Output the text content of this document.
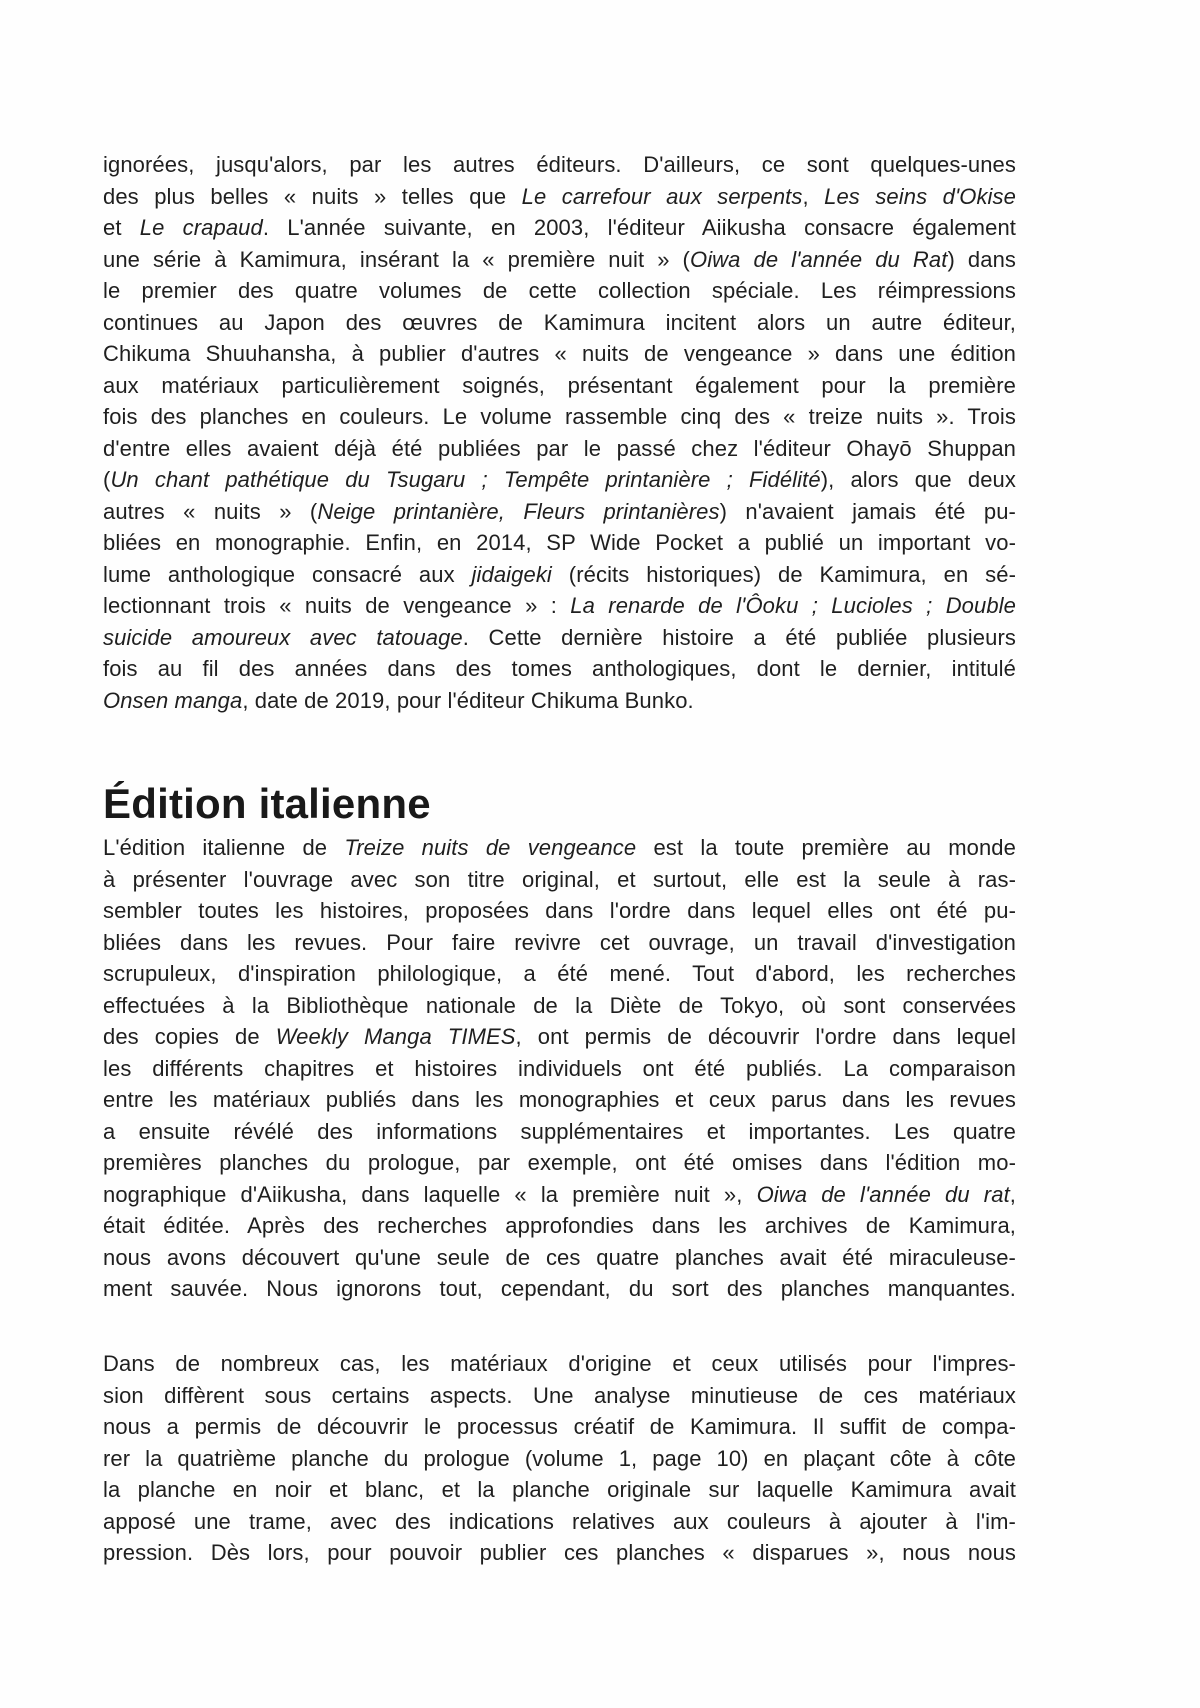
ignorées, jusqu'alors, par les autres éditeurs. D'ailleurs, ce sont quelques-unes
des plus belles « nuits » telles que Le carrefour aux serpents, Les seins d'Okise
et Le crapaud. L'année suivante, en 2003, l'éditeur Aiikusha consacre également
une série à Kamimura, insérant la « première nuit » (Oiwa de l'année du Rat) dans
le premier des quatre volumes de cette collection spéciale. Les réimpressions
continues au Japon des œuvres de Kamimura incitent alors un autre éditeur,
Chikuma Shuuhansha, à publier d'autres « nuits de vengeance » dans une édition
aux matériaux particulièrement soignés, présentant également pour la première
fois des planches en couleurs. Le volume rassemble cinq des « treize nuits ». Trois
d'entre elles avaient déjà été publiées par le passé chez l'éditeur Ohayō Shuppan
(Un chant pathétique du Tsugaru ; Tempête printanière ; Fidélité), alors que deux
autres « nuits » (Neige printanière, Fleurs printanières) n'avaient jamais été pu-
bliées en monographie. Enfin, en 2014, SP Wide Pocket a publié un important vo-
lume anthologique consacré aux jidaigeki (récits historiques) de Kamimura, en sé-
lectionnant trois « nuits de vengeance » : La renarde de l'Ôoku ; Lucioles ; Double
suicide amoureux avec tatouage. Cette dernière histoire a été publiée plusieurs
fois au fil des années dans des tomes anthologiques, dont le dernier, intitulé
Onsen manga, date de 2019, pour l'éditeur Chikuma Bunko.
Édition italienne
L'édition italienne de Treize nuits de vengeance est la toute première au monde
à présenter l'ouvrage avec son titre original, et surtout, elle est la seule à ras-
sembler toutes les histoires, proposées dans l'ordre dans lequel elles ont été pu-
bliées dans les revues. Pour faire revivre cet ouvrage, un travail d'investigation
scrupuleux, d'inspiration philologique, a été mené. Tout d'abord, les recherches
effectuées à la Bibliothèque nationale de la Diète de Tokyo, où sont conservées
des copies de Weekly Manga TIMES, ont permis de découvrir l'ordre dans lequel
les différents chapitres et histoires individuels ont été publiés. La comparaison
entre les matériaux publiés dans les monographies et ceux parus dans les revues
a ensuite révélé des informations supplémentaires et importantes. Les quatre
premières planches du prologue, par exemple, ont été omises dans l'édition mo-
nographique d'Aiikusha, dans laquelle « la première nuit », Oiwa de l'année du rat,
était éditée. Après des recherches approfondies dans les archives de Kamimura,
nous avons découvert qu'une seule de ces quatre planches avait été miraculeuse-
ment sauvée. Nous ignorons tout, cependant, du sort des planches manquantes.
Dans de nombreux cas, les matériaux d'origine et ceux utilisés pour l'impres-
sion diffèrent sous certains aspects. Une analyse minutieuse de ces matériaux
nous a permis de découvrir le processus créatif de Kamimura. Il suffit de compa-
rer la quatrième planche du prologue (volume 1, page 10) en plaçant côte à côte
la planche en noir et blanc, et la planche originale sur laquelle Kamimura avait
apposé une trame, avec des indications relatives aux couleurs à ajouter à l'im-
pression. Dès lors, pour pouvoir publier ces planches « disparues », nous nous
